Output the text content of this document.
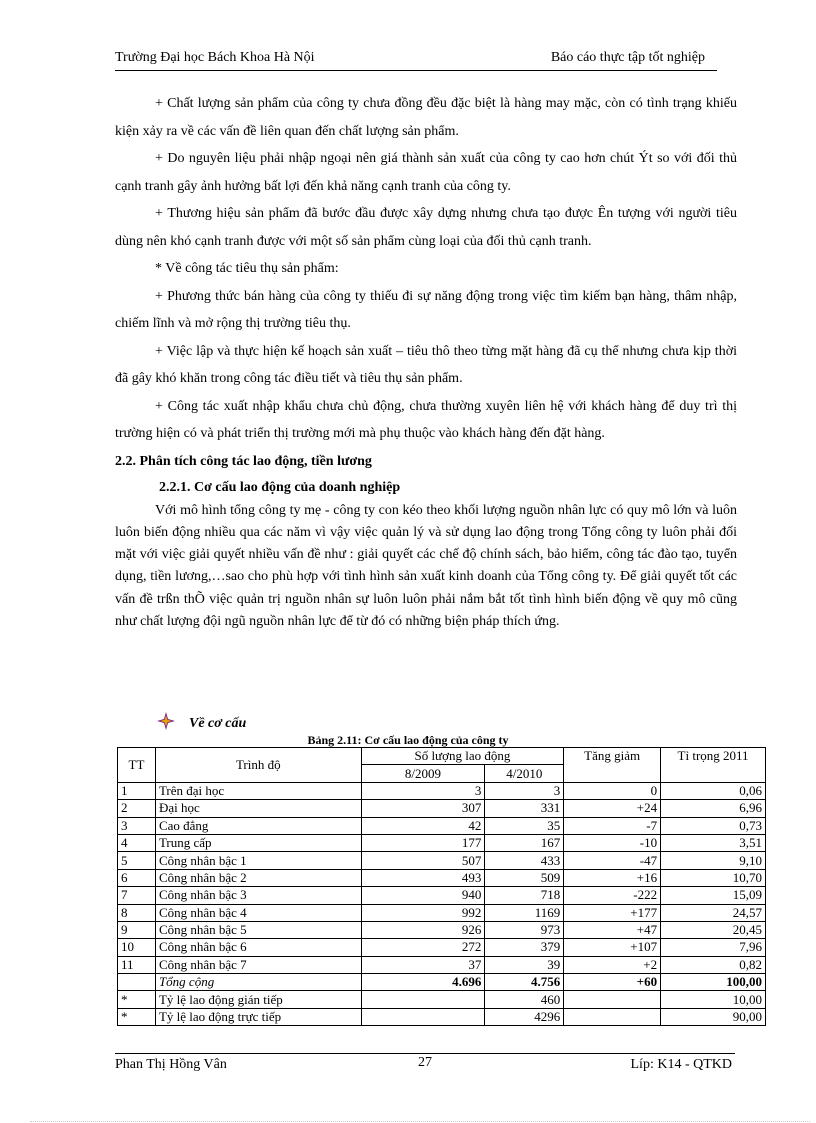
Trường Đại học Bách Khoa Hà Nội	Báo cáo thực tập tốt nghiệp

+ Chất lượng sản phẩm của công ty chưa đồng đều đặc biệt là hàng may mặc, còn có tình trạng khiếu kiện xảy ra về các vấn đề liên quan đến chất lượng sản phẩm.

+ Do nguyên liệu phải nhập ngoại nên giá thành sản xuất của công ty cao hơn chút Ýt so với đối thủ cạnh tranh gây ảnh hưởng bất lợi đến khả năng cạnh tranh của công ty.

+ Thương hiệu sản phẩm đã bước đầu được xây dựng nhưng chưa tạo được Ên tượng với người tiêu dùng nên khó cạnh tranh được với một số sản phẩm cùng loại của đối thủ cạnh tranh.

* Về công tác tiêu thụ sản phẩm:

+ Phương thức bán hàng của công ty thiếu đi sự năng động trong việc tìm kiếm bạn hàng, thâm nhập, chiếm lĩnh và mở rộng thị trường tiêu thụ.

+ Việc lập và thực hiện kế hoạch sản xuất – tiêu thô theo từng mặt hàng đã cụ thể nhưng chưa kịp thời đã gây khó khăn trong công tác điều tiết và tiêu thụ sản phẩm.

+ Công tác xuất nhập khẩu chưa chủ động, chưa thường xuyên liên hệ với khách hàng để duy trì thị trường hiện có và phát triển thị trường mới mà phụ thuộc vào khách hàng đến đặt hàng.

2.2. Phân tích công tác lao động, tiền lương

2.2.1. Cơ cấu lao động của doanh nghiệp

Với mô hình tổng công ty mẹ - công ty con kéo theo khối lượng nguồn nhân lực có quy mô lớn và luôn luôn biến động nhiều qua các năm vì vậy việc quản lý và sử dụng lao động trong Tổng công ty luôn phải đối mặt với việc giải quyết nhiều vấn đề như : giải quyết các chế độ chính sách, bảo hiểm, công tác đào tạo, tuyển dụng, tiền lương,…sao cho phù hợp với tình hình sản xuất kinh doanh của Tổng công ty. Để giải quyết tốt các vấn đề trßn thÕ việc quản trị nguồn nhân sự luôn luôn phải nắm bắt tốt tình hình biến động về quy mô cũng như chất lượng đội ngũ nguồn nhân lực để từ đó có những biện pháp thích ứng.

Về cơ cấu
Bảng 2.11: Cơ cấu lao động của công ty
TT	Trình độ	Số lượng lao động		Tăng giảm	Tỉ trọng 2011
		8/2009	4/2010		
1	Trên đại học	3	3	0	0,06
2	Đại học	307	331	+24	6,96
3	Cao đẳng	42	35	-7	0,73
4	Trung cấp	177	167	-10	3,51
5	Công nhân bậc 1	507	433	-47	9,10
6	Công nhân bậc 2	493	509	+16	10,70
7	Công nhân bậc 3	940	718	-222	15,09
8	Công nhân bậc 4	992	1169	+177	24,57
9	Công nhân bậc 5	926	973	+47	20,45
10	Công nhân bậc 6	272	379	+107	7,96
11	Công nhân bậc 7	37	39	+2	0,82
	Tổng cộng	4.696	4.756	+60	100,00
*	Tỷ lệ lao động gián tiếp		460		10,00
*	Tỷ lệ lao động trực tiếp		4296		90,00
Phan Thị Hồng Vân	27	Líp: K14 - QTKD
